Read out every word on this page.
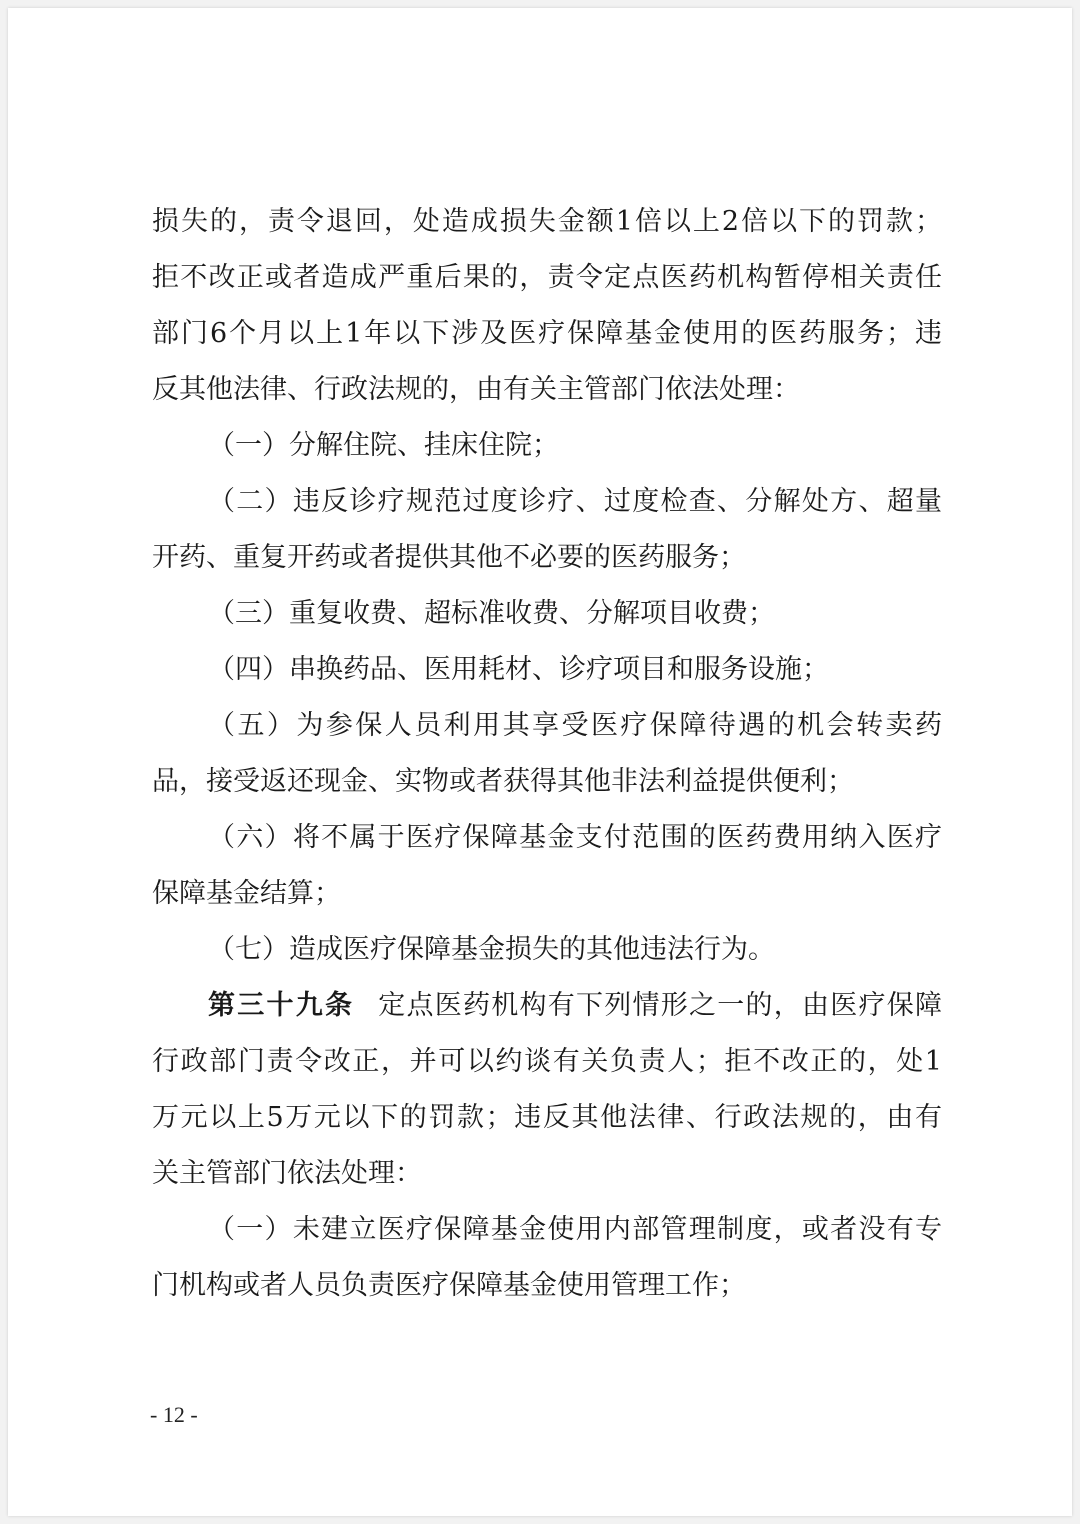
损失的，责令退回，处造成损失金额1倍以上2倍以下的罚款；
拒不改正或者造成严重后果的，责令定点医药机构暂停相关责任
部门6个月以上1年以下涉及医疗保障基金使用的医药服务；违
反其他法律、行政法规的，由有关主管部门依法处理：
（一）分解住院、挂床住院；
（二）违反诊疗规范过度诊疗、过度检查、分解处方、超量
开药、重复开药或者提供其他不必要的医药服务；
（三）重复收费、超标准收费、分解项目收费；
（四）串换药品、医用耗材、诊疗项目和服务设施；
（五）为参保人员利用其享受医疗保障待遇的机会转卖药
品，接受返还现金、实物或者获得其他非法利益提供便利；
（六）将不属于医疗保障基金支付范围的医药费用纳入医疗
保障基金结算；
（七）造成医疗保障基金损失的其他违法行为。
第三十九条 定点医药机构有下列情形之一的，由医疗保障
行政部门责令改正，并可以约谈有关负责人；拒不改正的，处1
万元以上5万元以下的罚款；违反其他法律、行政法规的，由有
关主管部门依法处理：
（一）未建立医疗保障基金使用内部管理制度，或者没有专
门机构或者人员负责医疗保障基金使用管理工作；
- 12 -
